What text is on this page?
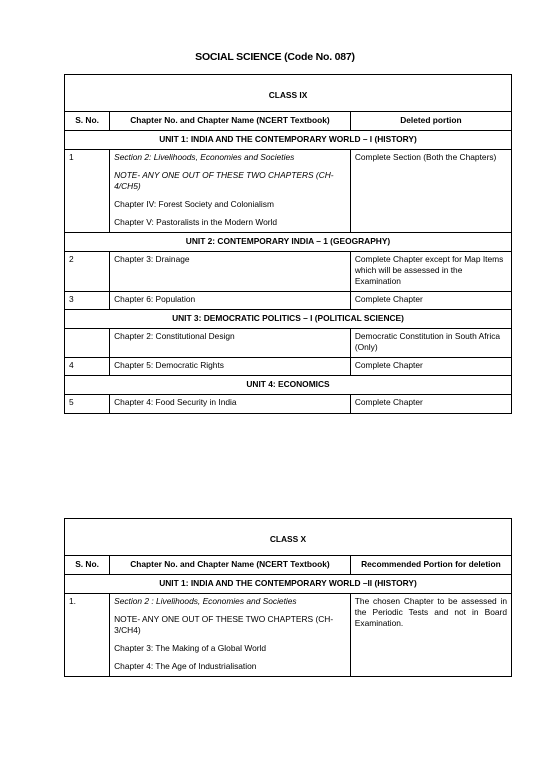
SOCIAL SCIENCE (Code No. 087)
CLASS IX		
S. No.	Chapter No. and Chapter Name (NCERT Textbook)	Deleted portion
UNIT 1: INDIA AND THE CONTEMPORARY WORLD – I (HISTORY)		
1	Section 2: Livelihoods, Economies and Societies

NOTE- ANY ONE OUT OF THESE TWO CHAPTERS (CH-4/CH5)

Chapter IV: Forest Society and Colonialism

Chapter V: Pastoralists in the Modern World	Complete Section (Both the Chapters)
UNIT 2: CONTEMPORARY INDIA – 1 (GEOGRAPHY)		
2	Chapter 3: Drainage	Complete Chapter except for Map Items which will be assessed in the Examination
3	Chapter 6: Population	Complete Chapter
UNIT 3: DEMOCRATIC POLITICS – I (POLITICAL SCIENCE)		
	Chapter 2: Constitutional Design	Democratic Constitution in South Africa (Only)
4	Chapter 5: Democratic Rights	Complete Chapter
UNIT 4: ECONOMICS		
5	Chapter 4: Food Security in India	Complete Chapter
CLASS X		
S. No.	Chapter No. and Chapter Name (NCERT Textbook)	Recommended Portion for deletion
UNIT 1: INDIA AND THE CONTEMPORARY WORLD –II (HISTORY)		
1.	Section 2 : Livelihoods, Economies and Societies

NOTE- ANY ONE OUT OF THESE TWO CHAPTERS (CH-3/CH4)

Chapter 3: The Making of a Global World

Chapter 4: The Age of Industrialisation	The chosen Chapter to be assessed in the Periodic Tests and not in Board Examination.
